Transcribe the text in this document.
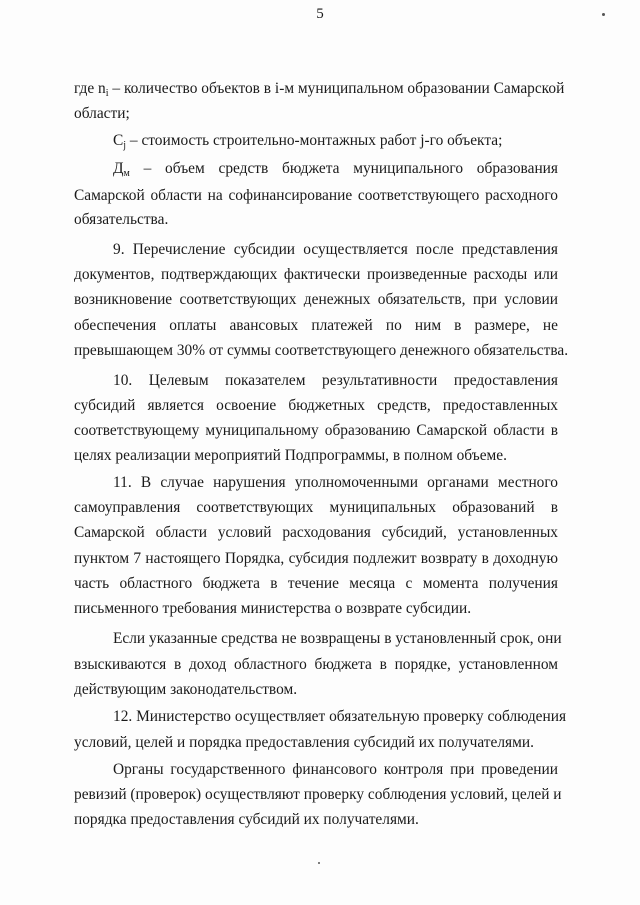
5
где $n_i$ – количество объектов в i-м муниципальном образовании Самарской
области;
$C_j$ – стоимость строительно-монтажных работ j-го объекта;
$Д_м$ – объем средств бюджета муниципального образования
Самарской области на софинансирование соответствующего расходного
обязательства.
9. Перечисление субсидии осуществляется после представления
документов, подтверждающих фактически произведенные расходы или
возникновение соответствующих денежных обязательств, при условии
обеспечения оплаты авансовых платежей по ним в размере, не
превышающем 30% от суммы соответствующего денежного обязательства.
10. Целевым показателем результативности предоставления
субсидий является освоение бюджетных средств, предоставленных
соответствующему муниципальному образованию Самарской области в
целях реализации мероприятий Подпрограммы, в полном объеме.
11. В случае нарушения уполномоченными органами местного
самоуправления соответствующих муниципальных образований в
Самарской области условий расходования субсидий, установленных
пунктом 7 настоящего Порядка, субсидия подлежит возврату в доходную
часть областного бюджета в течение месяца с момента получения
письменного требования министерства о возврате субсидии.
Если указанные средства не возвращены в установленный срок, они
взыскиваются в доход областного бюджета в порядке, установленном
действующим законодательством.
12. Министерство осуществляет обязательную проверку соблюдения
условий, целей и порядка предоставления субсидий их получателями.
Органы государственного финансового контроля при проведении
ревизий (проверок) осуществляют проверку соблюдения условий, целей и
порядка предоставления субсидий их получателями.
